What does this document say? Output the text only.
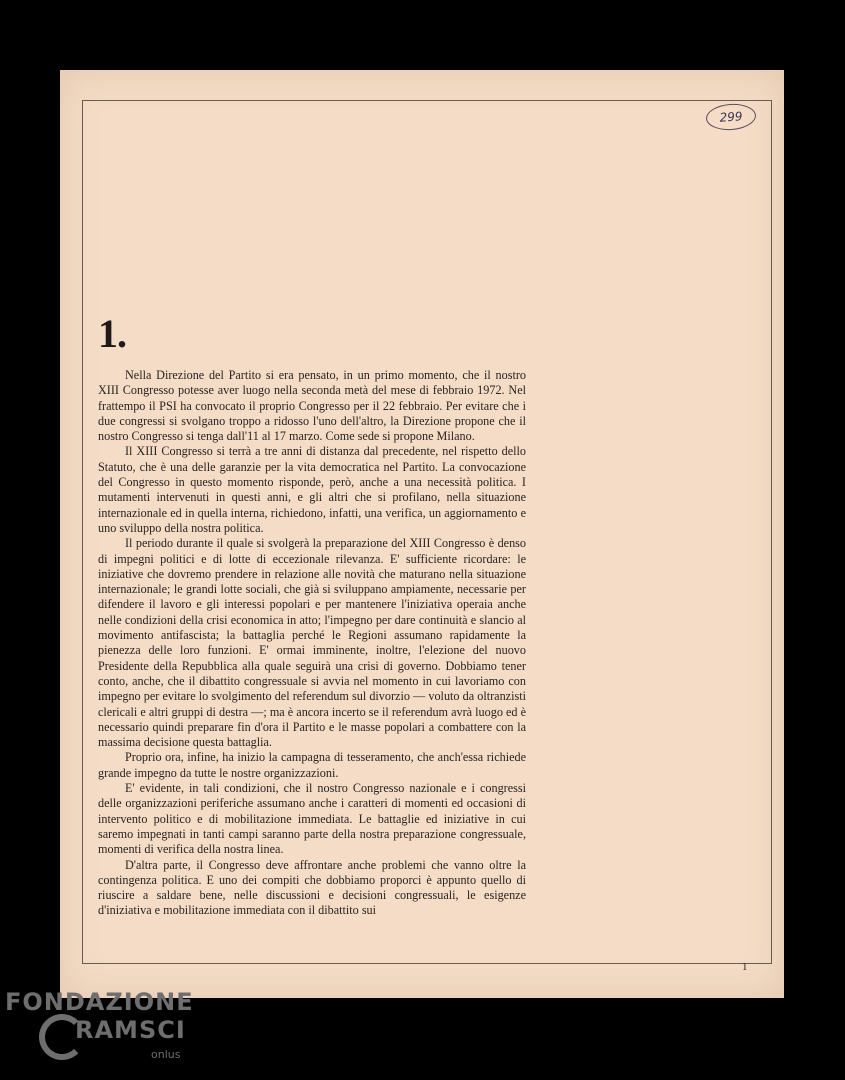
299
1.

Nella Direzione del Partito si era pensato, in un primo momento, che il nostro XIII Congresso potesse aver luogo nella seconda metà del mese di febbraio 1972. Nel frattempo il PSI ha convocato il proprio Congresso per il 22 febbraio. Per evitare che i due congressi si svolgano troppo a ridosso l'uno dell'altro, la Direzione propone che il nostro Congresso si tenga dall'11 al 17 marzo. Come sede si propone Milano.

Il XIII Congresso si terrà a tre anni di distanza dal precedente, nel rispetto dello Statuto, che è una delle garanzie per la vita democratica nel Partito. La convocazione del Congresso in questo momento risponde, però, anche a una necessità politica. I mutamenti intervenuti in questi anni, e gli altri che si profilano, nella situazione internazionale ed in quella interna, richiedono, infatti, una verifica, un aggiornamento e uno sviluppo della nostra politica.

Il periodo durante il quale si svolgerà la preparazione del XIII Congresso è denso di impegni politici e di lotte di eccezionale rilevanza. E' sufficiente ricordare: le iniziative che dovremo prendere in relazione alle novità che maturano nella situazione internazionale; le grandi lotte sociali, che già si sviluppano ampiamente, necessarie per difendere il lavoro e gli interessi popolari e per mantenere l'iniziativa operaia anche nelle condizioni della crisi economica in atto; l'impegno per dare continuità e slancio al movimento antifascista; la battaglia perché le Regioni assumano rapidamente la pienezza delle loro funzioni. E' ormai imminente, inoltre, l'elezione del nuovo Presidente della Repubblica alla quale seguirà una crisi di governo. Dobbiamo tener conto, anche, che il dibattito congressuale si avvia nel momento in cui lavoriamo con impegno per evitare lo svolgimento del referendum sul divorzio — voluto da oltranzisti clericali e altri gruppi di destra —; ma è ancora incerto se il referendum avrà luogo ed è necessario quindi preparare fin d'ora il Partito e le masse popolari a combattere con la massima decisione questa battaglia.

Proprio ora, infine, ha inizio la campagna di tesseramento, che anch'essa richiede grande impegno da tutte le nostre organizzazioni.

E' evidente, in tali condizioni, che il nostro Congresso nazionale e i congressi delle organizzazioni periferiche assumano anche i caratteri di momenti ed occasioni di intervento politico e di mobilitazione immediata. Le battaglie ed iniziative in cui saremo impegnati in tanti campi saranno parte della nostra preparazione congressuale, momenti di verifica della nostra linea.

D'altra parte, il Congresso deve affrontare anche problemi che vanno oltre la contingenza politica. E uno dei compiti che dobbiamo proporci è appunto quello di riuscire a saldare bene, nelle discussioni e decisioni congressuali, le esigenze d'iniziativa e mobilitazione immediata con il dibattito sui

1
FONDAZIONE
RAMSCI
onlus
